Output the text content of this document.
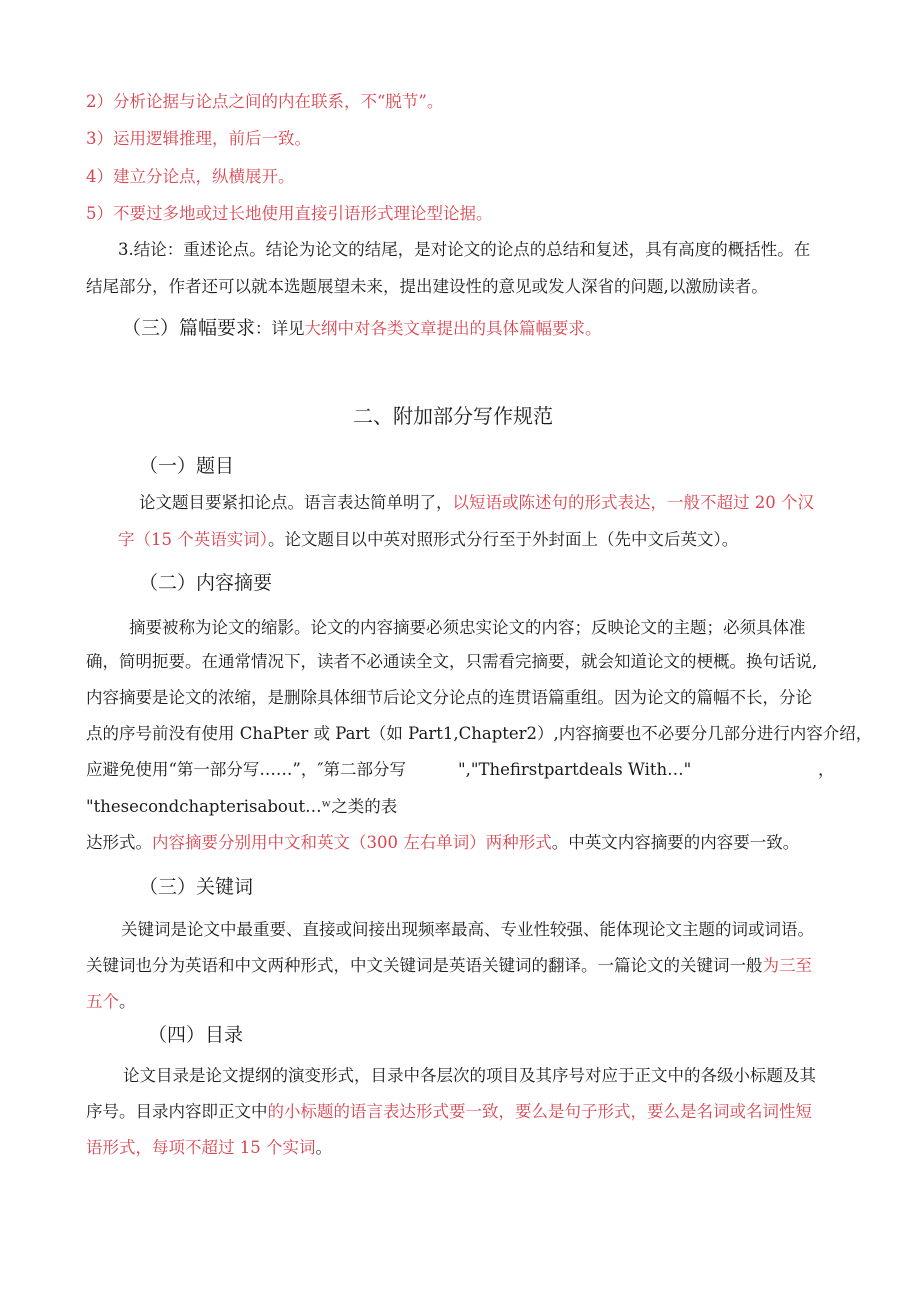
2）分析论据与论点之间的内在联系，不“脱节”。
3）运用逻辑推理，前后一致。
4）建立分论点，纵横展开。
5）不要过多地或过长地使用直接引语形式理论型论据。
3.结论：重述论点。结论为论文的结尾，是对论文的论点的总结和复述，具有高度的概括性。在
结尾部分，作者还可以就本选题展望未来，提出建设性的意见或发人深省的问题,以激励读者。
（三）篇幅要求：详见大纲中对各类文章提出的具体篇幅要求。
二、附加部分写作规范
（一）题目
论文题目要紧扣论点。语言表达简单明了，以短语或陈述句的形式表达，一般不超过 20 个汉
字（15 个英语实词）。论文题目以中英对照形式分行至于外封面上（先中文后英文）。
（二）内容摘要
摘要被称为论文的缩影。论文的内容摘要必须忠实论文的内容；反映论文的主题；必须具体准
确，简明扼要。在通常情况下，读者不必通读全文，只需看完摘要，就会知道论文的梗概。换句话说,
内容摘要是论文的浓缩，是删除具体细节后论文分论点的连贯语篇重组。因为论文的篇幅不长，分论
点的序号前没有使用 ChaPter 或 Part（如 Part1,Chapter2）,内容摘要也不必要分几部分进行内容介绍，
应避免使用“第一部分写……”，″第二部分写	","Thefirstpartdeals With…"	，
"thesecondchapterisabout…ʷ之类的表
达形式。内容摘要分别用中文和英文（300 左右单词）两种形式。中英文内容摘要的内容要一致。
（三）关键词
关键词是论文中最重要、直接或间接出现频率最高、专业性较强、能体现论文主题的词或词语。
关键词也分为英语和中文两种形式，中文关键词是英语关键词的翻译。一篇论文的关键词一般为三至
五个。
（四）目录
论文目录是论文提纲的演变形式，目录中各层次的项目及其序号对应于正文中的各级小标题及其
序号。目录内容即正文中的小标题的语言表达形式要一致，要么是句子形式，要么是名词或名词性短
语形式，每项不超过 15 个实词。
